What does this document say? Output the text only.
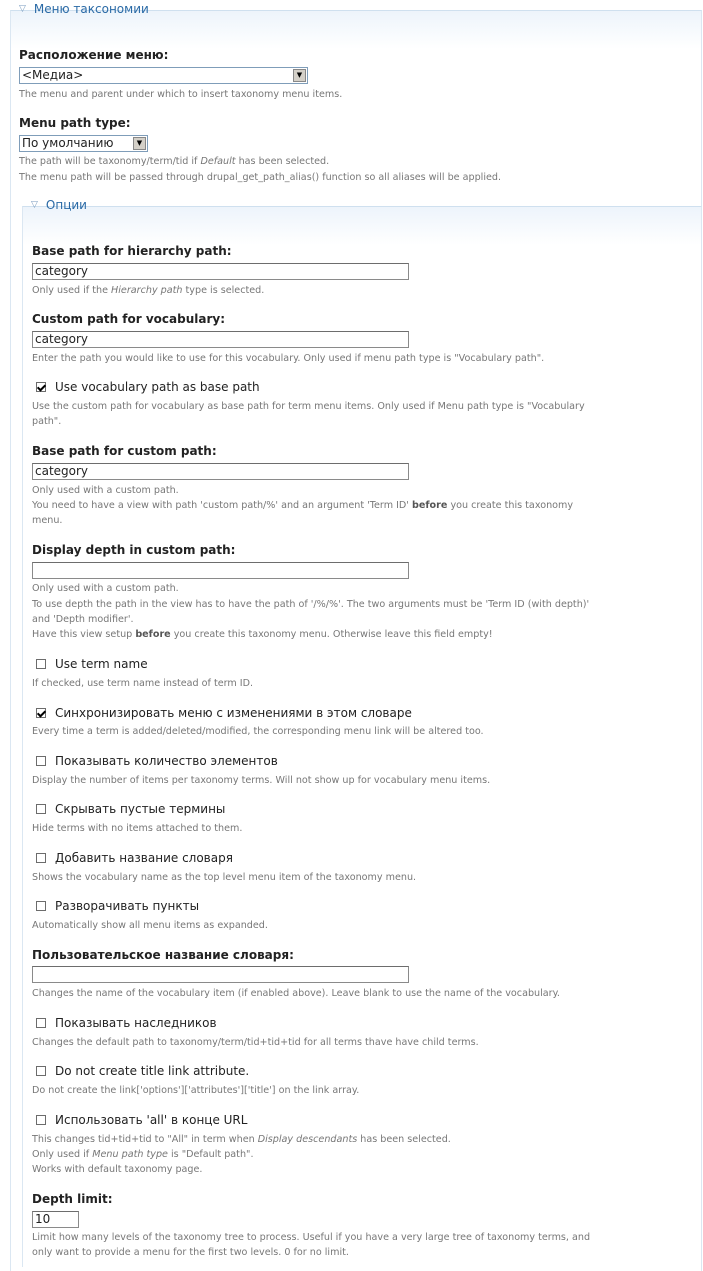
▽ Меню таксономии
Расположение меню:
<Медиа>	▼
The menu and parent under which to insert taxonomy menu items.
Menu path type:
По умолчанию	▼
The path will be taxonomy/term/tid if Default has been selected.
The menu path will be passed through drupal_get_path_alias() function so all aliases will be applied.
▽ Опции
Base path for hierarchy path:
category
Only used if the Hierarchy path type is selected.
Custom path for vocabulary:
category
Enter the path you would like to use for this vocabulary. Only used if menu path type is "Vocabulary path".
Use vocabulary path as base path
Use the custom path for vocabulary as base path for term menu items. Only used if Menu path type is "Vocabulary
path".
Base path for custom path:
category
Only used with a custom path.
You need to have a view with path 'custom path/%' and an argument 'Term ID' before you create this taxonomy
menu.
Display depth in custom path:
Only used with a custom path.
To use depth the path in the view has to have the path of '/%/%'. The two arguments must be 'Term ID (with depth)'
and 'Depth modifier'.
Have this view setup before you create this taxonomy menu. Otherwise leave this field empty!
Use term name
If checked, use term name instead of term ID.
Синхронизировать меню с изменениями в этом словаре
Every time a term is added/deleted/modified, the corresponding menu link will be altered too.
Показывать количество элементов
Display the number of items per taxonomy terms. Will not show up for vocabulary menu items.
Скрывать пустые термины
Hide terms with no items attached to them.
Добавить название словаря
Shows the vocabulary name as the top level menu item of the taxonomy menu.
Разворачивать пункты
Automatically show all menu items as expanded.
Пользовательское название словаря:
Changes the name of the vocabulary item (if enabled above). Leave blank to use the name of the vocabulary.
Показывать наследников
Changes the default path to taxonomy/term/tid+tid+tid for all terms thave have child terms.
Do not create title link attribute.
Do not create the link['options']['attributes']['title'] on the link array.
Использовать 'all' в конце URL
This changes tid+tid+tid to "All" in term when Display descendants has been selected.
Only used if Menu path type is "Default path".
Works with default taxonomy page.
Depth limit:
10
Limit how many levels of the taxonomy tree to process. Useful if you have a very large tree of taxonomy terms, and
only want to provide a menu for the first two levels. 0 for no limit.
